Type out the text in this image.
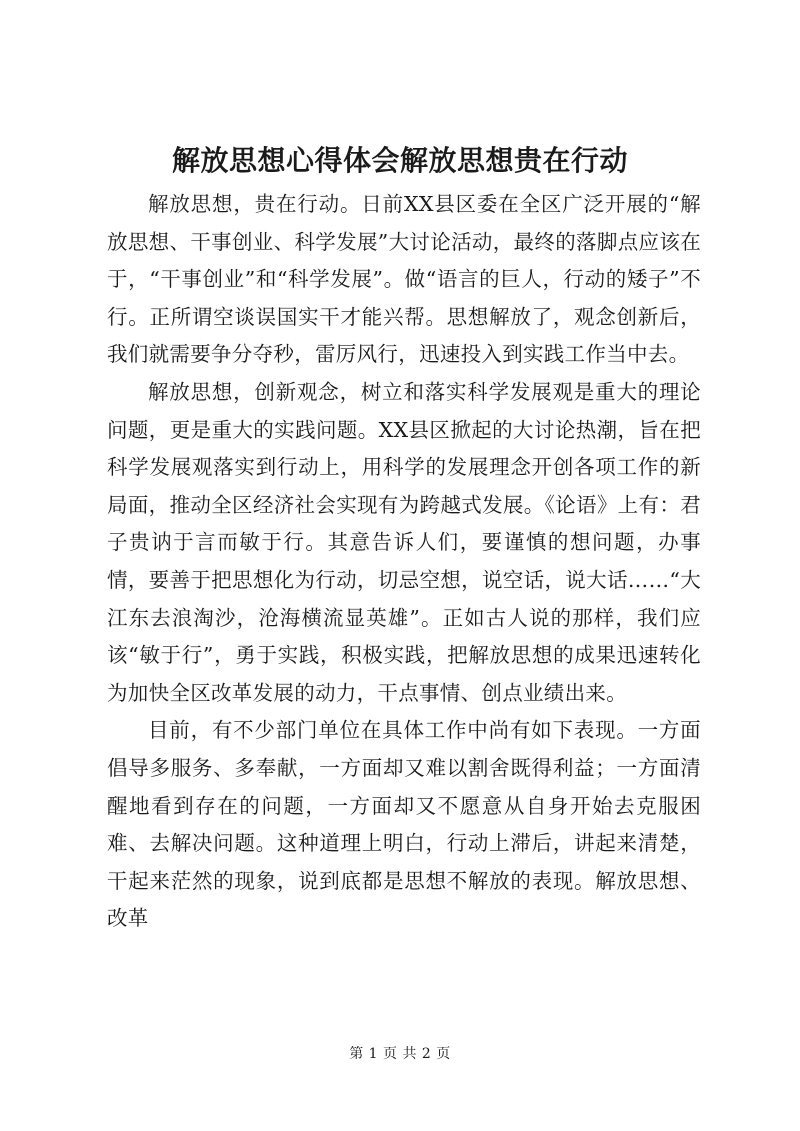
解放思想心得体会解放思想贵在行动

解放思想，贵在行动。日前XX县区委在全区广泛开展的“解放思想、干事创业、科学发展”大讨论活动，最终的落脚点应该在于，“干事创业”和“科学发展”。做“语言的巨人，行动的矮子”不行。正所谓空谈误国实干才能兴帮。思想解放了，观念创新后，我们就需要争分夺秒，雷厉风行，迅速投入到实践工作当中去。

解放思想，创新观念，树立和落实科学发展观是重大的理论问题，更是重大的实践问题。XX县区掀起的大讨论热潮，旨在把科学发展观落实到行动上，用科学的发展理念开创各项工作的新局面，推动全区经济社会实现有为跨越式发展。《论语》上有：君子贵讷于言而敏于行。其意告诉人们，要谨慎的想问题，办事情，要善于把思想化为行动，切忌空想，说空话，说大话……“大江东去浪淘沙，沧海横流显英雄”。正如古人说的那样，我们应该“敏于行”，勇于实践，积极实践，把解放思想的成果迅速转化为加快全区改革发展的动力，干点事情、创点业绩出来。

目前，有不少部门单位在具体工作中尚有如下表现。一方面倡导多服务、多奉献，一方面却又难以割舍既得利益；一方面清醒地看到存在的问题，一方面却又不愿意从自身开始去克服困难、去解决问题。这种道理上明白，行动上滞后，讲起来清楚，干起来茫然的现象，说到底都是思想不解放的表现。解放思想、改革

第 1 页 共 2 页
